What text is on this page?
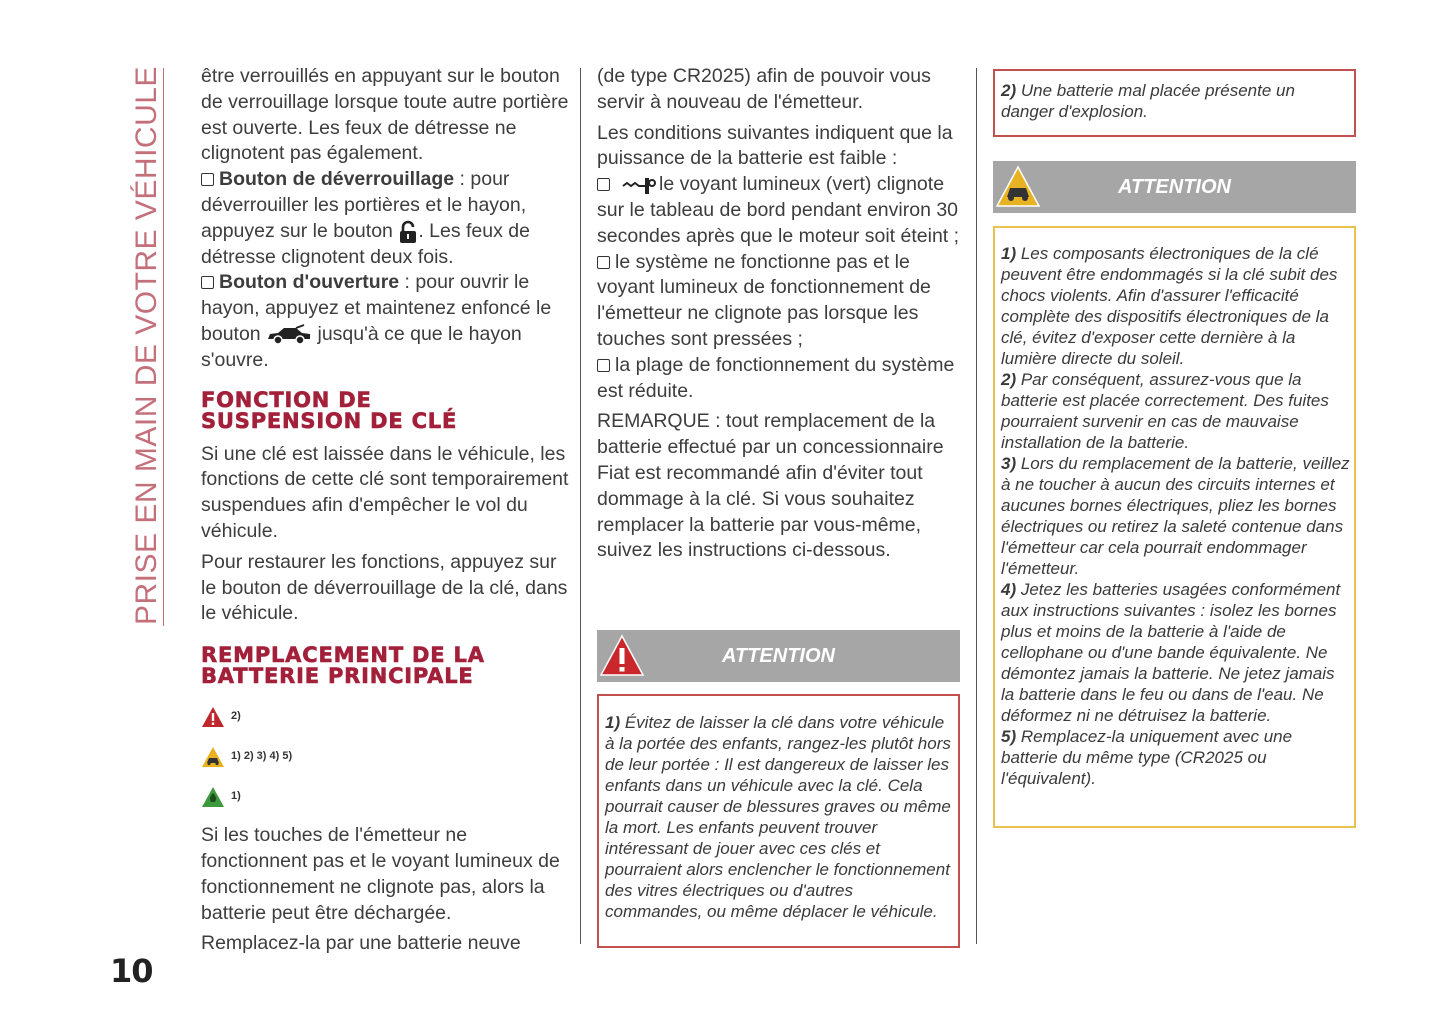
PRISE EN MAIN DE VOTRE VÉHICULE
10

être verrouillés en appuyant sur le bouton de verrouillage lorsque toute autre portière est ouverte. Les feux de détresse ne clignotent pas également.

Bouton de déverrouillage : pour déverrouiller les portières et le hayon, appuyez sur le bouton . Les feux de détresse clignotent deux fois.

Bouton d'ouverture : pour ouvrir le hayon, appuyez et maintenez enfoncé le bouton  jusqu'à ce que le hayon s'ouvre.

FONCTION DE
SUSPENSION DE CLÉ

Si une clé est laissée dans le véhicule, les fonctions de cette clé sont temporairement suspendues afin d'empêcher le vol du véhicule.

Pour restaurer les fonctions, appuyez sur le bouton de déverrouillage de la clé, dans le véhicule.

REMPLACEMENT DE LA
BATTERIE PRINCIPALE
2)
1) 2) 3) 4) 5)
1)

Si les touches de l'émetteur ne fonctionnent pas et le voyant lumineux de fonctionnement ne clignote pas, alors la batterie peut être déchargée.

Remplacez-la par une batterie neuve

(de type CR2025) afin de pouvoir vous servir à nouveau de l'émetteur.

Les conditions suivantes indiquent que la puissance de la batterie est faible :

le voyant lumineux (vert) clignote sur le tableau de bord pendant environ 30 secondes après que le moteur soit éteint ;

le système ne fonctionne pas et le voyant lumineux de fonctionnement de l'émetteur ne clignote pas lorsque les touches sont pressées ;

la plage de fonctionnement du système est réduite.

REMARQUE : tout remplacement de la batterie effectué par un concessionnaire Fiat est recommandé afin d'éviter tout dommage à la clé. Si vous souhaitez remplacer la batterie par vous-même, suivez les instructions ci-dessous.

ATTENTION
1) Évitez de laisser la clé dans votre véhicule à la portée des enfants, rangez-les plutôt hors de leur portée : Il est dangereux de laisser les enfants dans un véhicule avec la clé. Cela pourrait causer de blessures graves ou même la mort. Les enfants peuvent trouver intéressant de jouer avec ces clés et pourraient alors enclencher le fonctionnement des vitres électriques ou d'autres commandes, ou même déplacer le véhicule.
2) Une batterie mal placée présente un danger d'explosion.
ATTENTION
1) Les composants électroniques de la clé peuvent être endommagés si la clé subit des chocs violents. Afin d'assurer l'efficacité complète des dispositifs électroniques de la clé, évitez d'exposer cette dernière à la lumière directe du soleil.
2) Par conséquent, assurez-vous que la batterie est placée correctement. Des fuites pourraient survenir en cas de mauvaise installation de la batterie.
3) Lors du remplacement de la batterie, veillez à ne toucher à aucun des circuits internes et aucunes bornes électriques, pliez les bornes électriques ou retirez la saleté contenue dans l'émetteur car cela pourrait endommager l'émetteur.
4) Jetez les batteries usagées conformément aux instructions suivantes : isolez les bornes plus et moins de la batterie à l'aide de cellophane ou d'une bande équivalente. Ne démontez jamais la batterie. Ne jetez jamais la batterie dans le feu ou dans de l'eau. Ne déformez ni ne détruisez la batterie.
5) Remplacez-la uniquement avec une batterie du même type (CR2025 ou l'équivalent).
